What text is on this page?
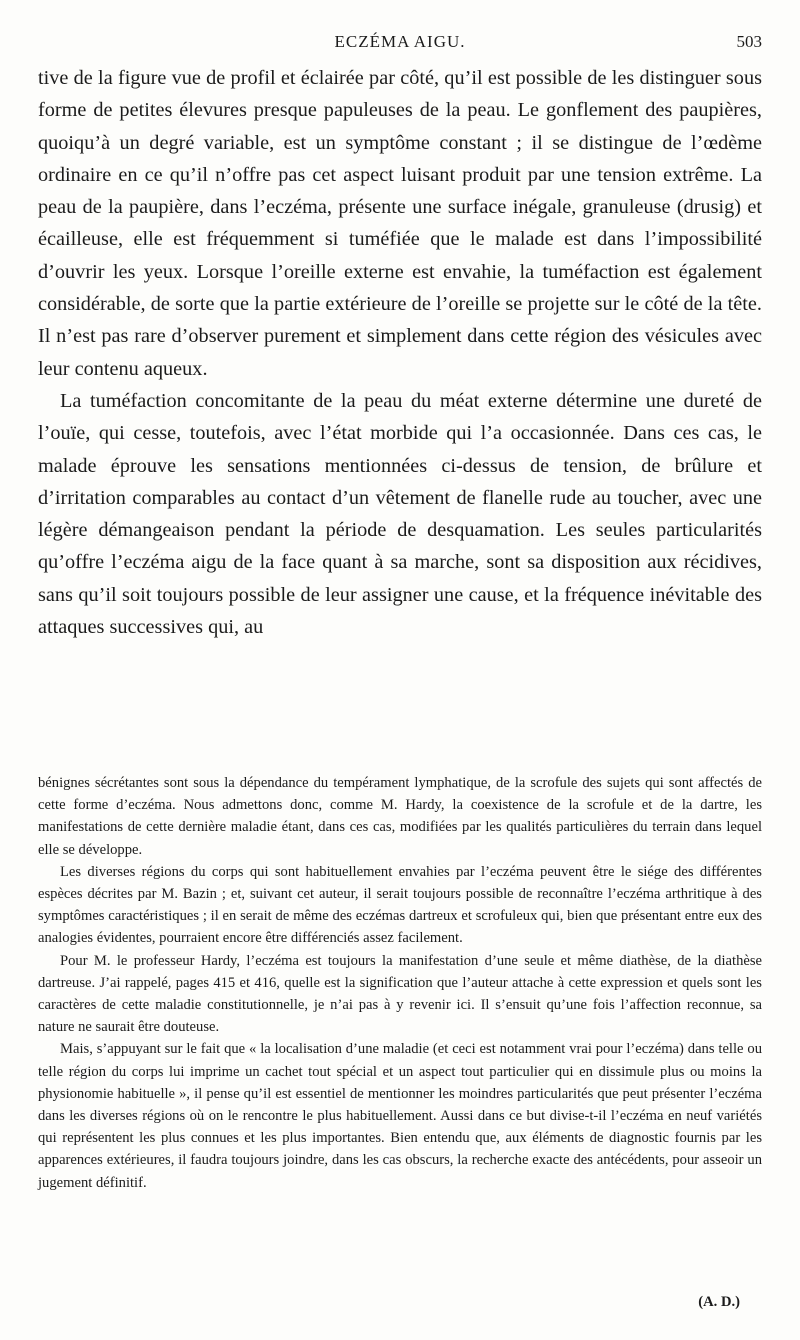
ECZÉMA AIGU.	503

tive de la figure vue de profil et éclairée par côté, qu’il est possible de les distinguer sous forme de petites élevures presque papuleuses de la peau. Le gonflement des paupières, quoiqu’à un degré variable, est un symptôme constant ; il se distingue de l’œdème ordinaire en ce qu’il n’offre pas cet aspect luisant produit par une tension extrême. La peau de la paupière, dans l’eczéma, présente une surface inégale, granuleuse (drusig) et écailleuse, elle est fréquemment si tuméfiée que le malade est dans l’impossibilité d’ouvrir les yeux. Lorsque l’oreille externe est envahie, la tuméfaction est également considérable, de sorte que la partie extérieure de l’oreille se projette sur le côté de la tête. Il n’est pas rare d’observer purement et simplement dans cette région des vésicules avec leur contenu aqueux.

La tuméfaction concomitante de la peau du méat externe détermine une dureté de l’ouïe, qui cesse, toutefois, avec l’état morbide qui l’a occasionnée. Dans ces cas, le malade éprouve les sensations mentionnées ci-dessus de tension, de brûlure et d’irritation comparables au contact d’un vêtement de flanelle rude au toucher, avec une légère démangeaison pendant la période de desquamation. Les seules particularités qu’offre l’eczéma aigu de la face quant à sa marche, sont sa disposition aux récidives, sans qu’il soit toujours possible de leur assigner une cause, et la fréquence inévitable des attaques successives qui, au

bénignes sécrétantes sont sous la dépendance du tempérament lymphatique, de la scrofule des sujets qui sont affectés de cette forme d’eczéma. Nous admettons donc, comme M. Hardy, la coexistence de la scrofule et de la dartre, les manifestations de cette dernière maladie étant, dans ces cas, modifiées par les qualités particulières du terrain dans lequel elle se développe.

Les diverses régions du corps qui sont habituellement envahies par l’eczéma peuvent être le siége des différentes espèces décrites par M. Bazin ; et, suivant cet auteur, il serait toujours possible de reconnaître l’eczéma arthritique à des symptômes caractéristiques ; il en serait de même des eczémas dartreux et scrofuleux qui, bien que présentant entre eux des analogies évidentes, pourraient encore être différenciés assez facilement.

Pour M. le professeur Hardy, l’eczéma est toujours la manifestation d’une seule et même diathèse, de la diathèse dartreuse. J’ai rappelé, pages 415 et 416, quelle est la signification que l’auteur attache à cette expression et quels sont les caractères de cette maladie constitutionnelle, je n’ai pas à y revenir ici. Il s’ensuit qu’une fois l’affection reconnue, sa nature ne saurait être douteuse.

Mais, s’appuyant sur le fait que « la localisation d’une maladie (et ceci est notamment vrai pour l’eczéma) dans telle ou telle région du corps lui imprime un cachet tout spécial et un aspect tout particulier qui en dissimule plus ou moins la physionomie habituelle », il pense qu’il est essentiel de mentionner les moindres particularités que peut présenter l’eczéma dans les diverses régions où on le rencontre le plus habituellement. Aussi dans ce but divise-t-il l’eczéma en neuf variétés qui représentent les plus connues et les plus importantes. Bien entendu que, aux éléments de diagnostic fournis par les apparences extérieures, il faudra toujours joindre, dans les cas obscurs, la recherche exacte des antécédents, pour asseoir un jugement définitif.

(A. D.)
